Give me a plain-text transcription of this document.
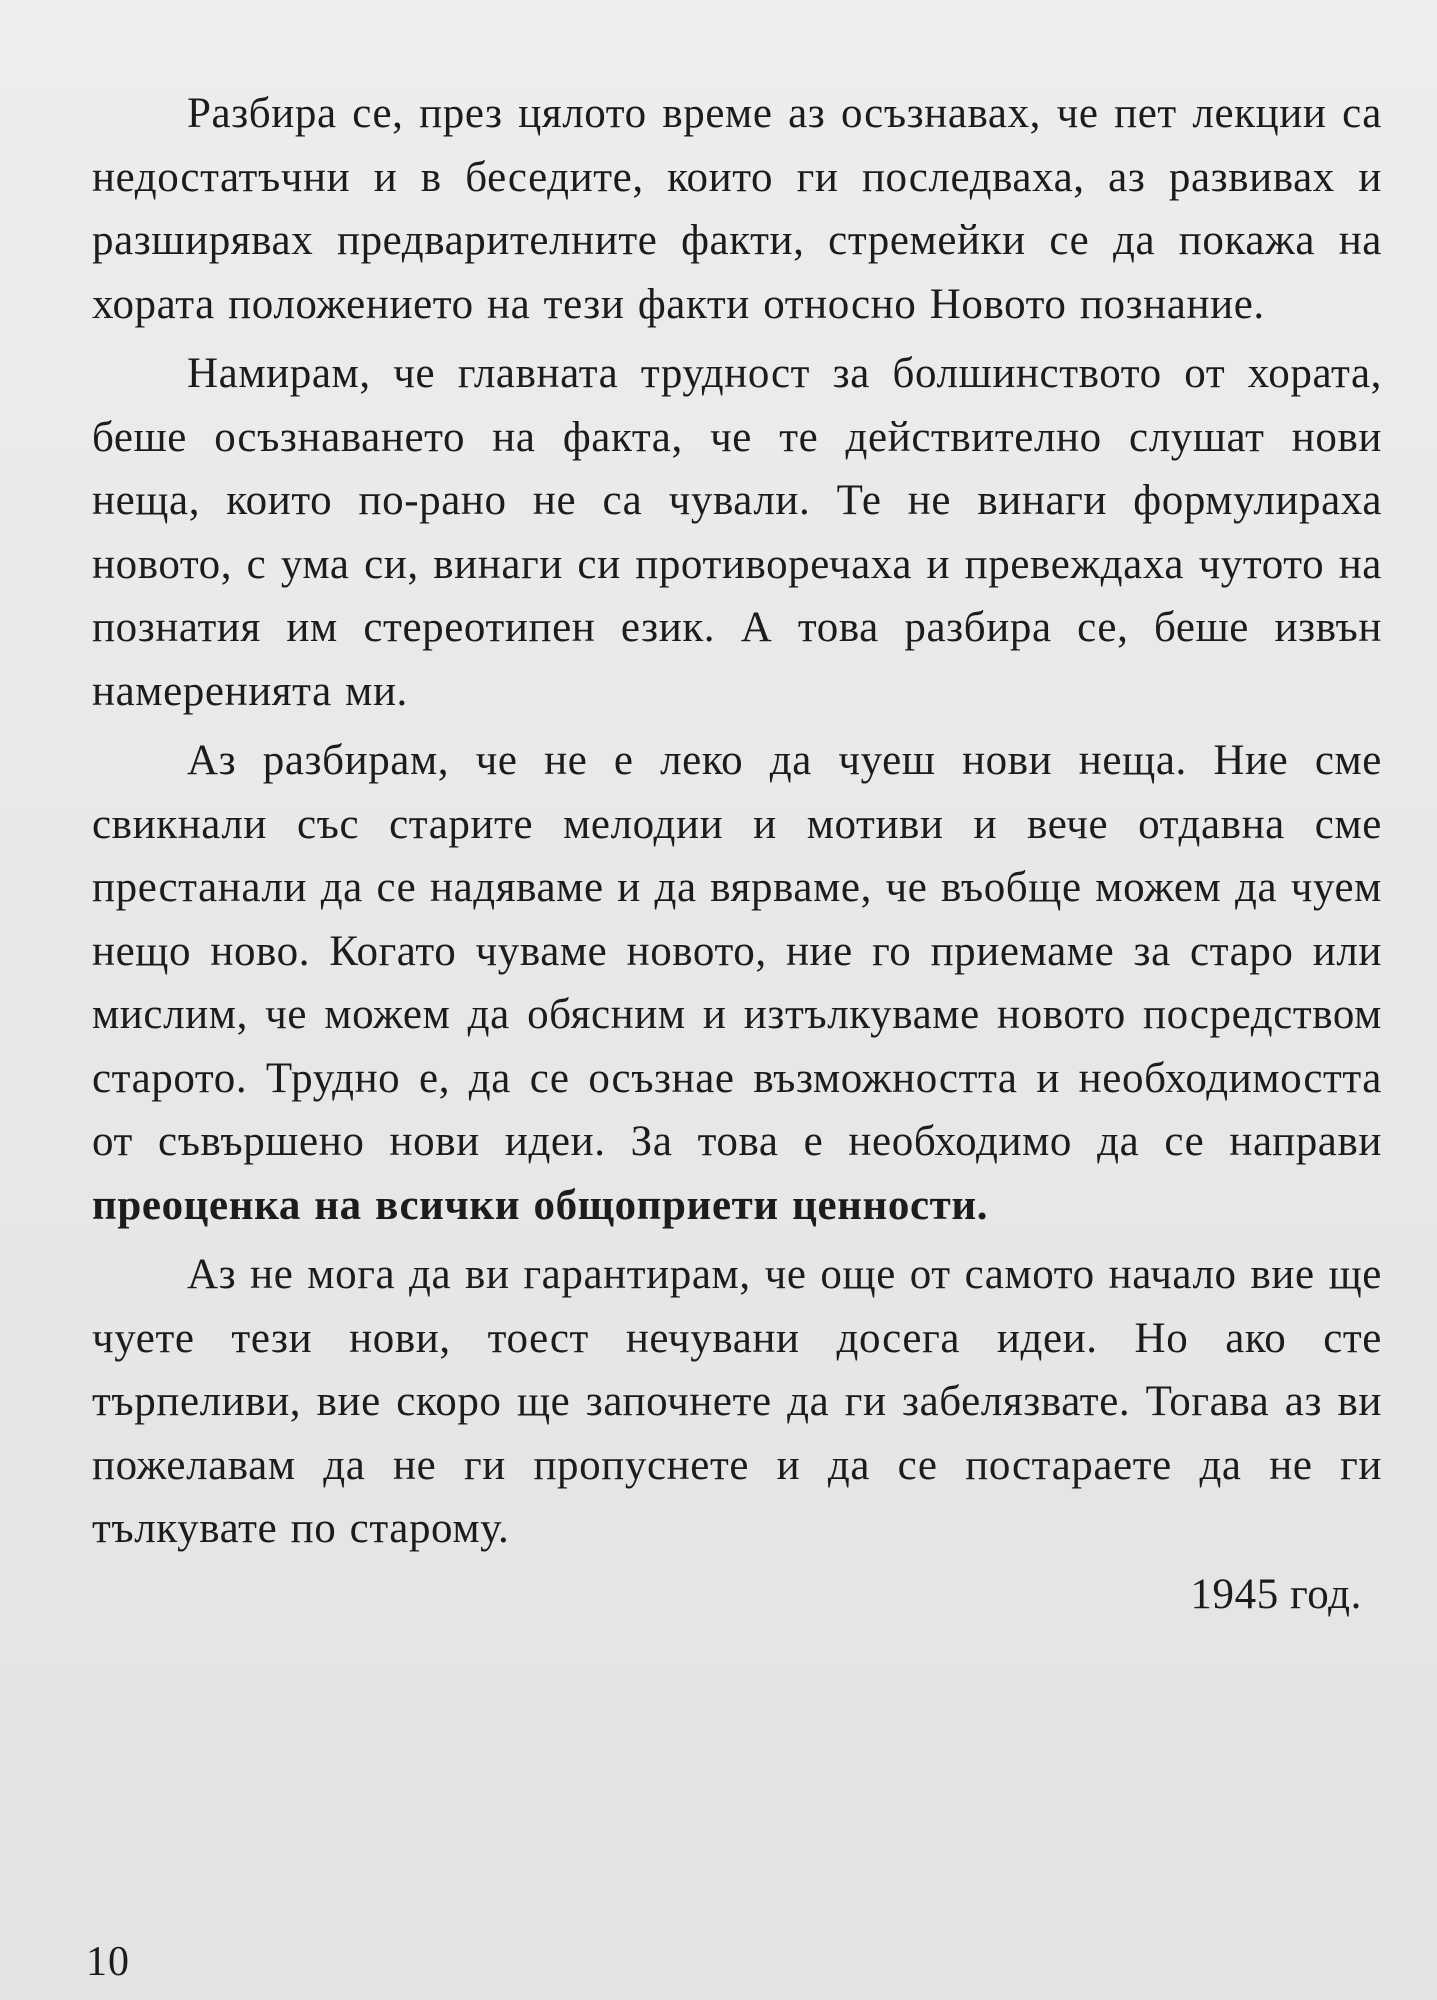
Разбира се, през цялото време аз осъзнавах, че пет лекции са недостатъчни и в беседите, които ги последваха, аз развивах и разширявах предварителните факти, стремейки се да покажа на хората положението на тези факти относно Новото познание.

Намирам, че главната трудност за болшинството от хората, беше осъзнаването на факта, че те действително слушат нови неща, които по-рано не са чували. Те не винаги формулираха новото, с ума си, винаги си противоречаха и превеждаха чутото на познатия им стереотипен език. А това разбира се, беше извън намеренията ми.

Аз разбирам, че не е леко да чуеш нови неща. Ние сме свикнали със старите мелодии и мотиви и вече отдавна сме престанали да се надяваме и да вярваме, че въобще можем да чуем нещо ново. Когато чуваме новото, ние го приемаме за старо или мислим, че можем да обясним и изтълкуваме новото посредством старото. Трудно е, да се осъзнае възможността и необходимостта от съвършено нови идеи. За това е необходимо да се направи преоценка на всички общоприети ценности.

Аз не мога да ви гарантирам, че още от самото начало вие ще чуете тези нови, тоест нечувани досега идеи. Но ако сте търпеливи, вие скоро ще започнете да ги забелязвате. Тогава аз ви пожелавам да не ги пропуснете и да се постараете да не ги тълкувате по старому.

1945 год.
10
